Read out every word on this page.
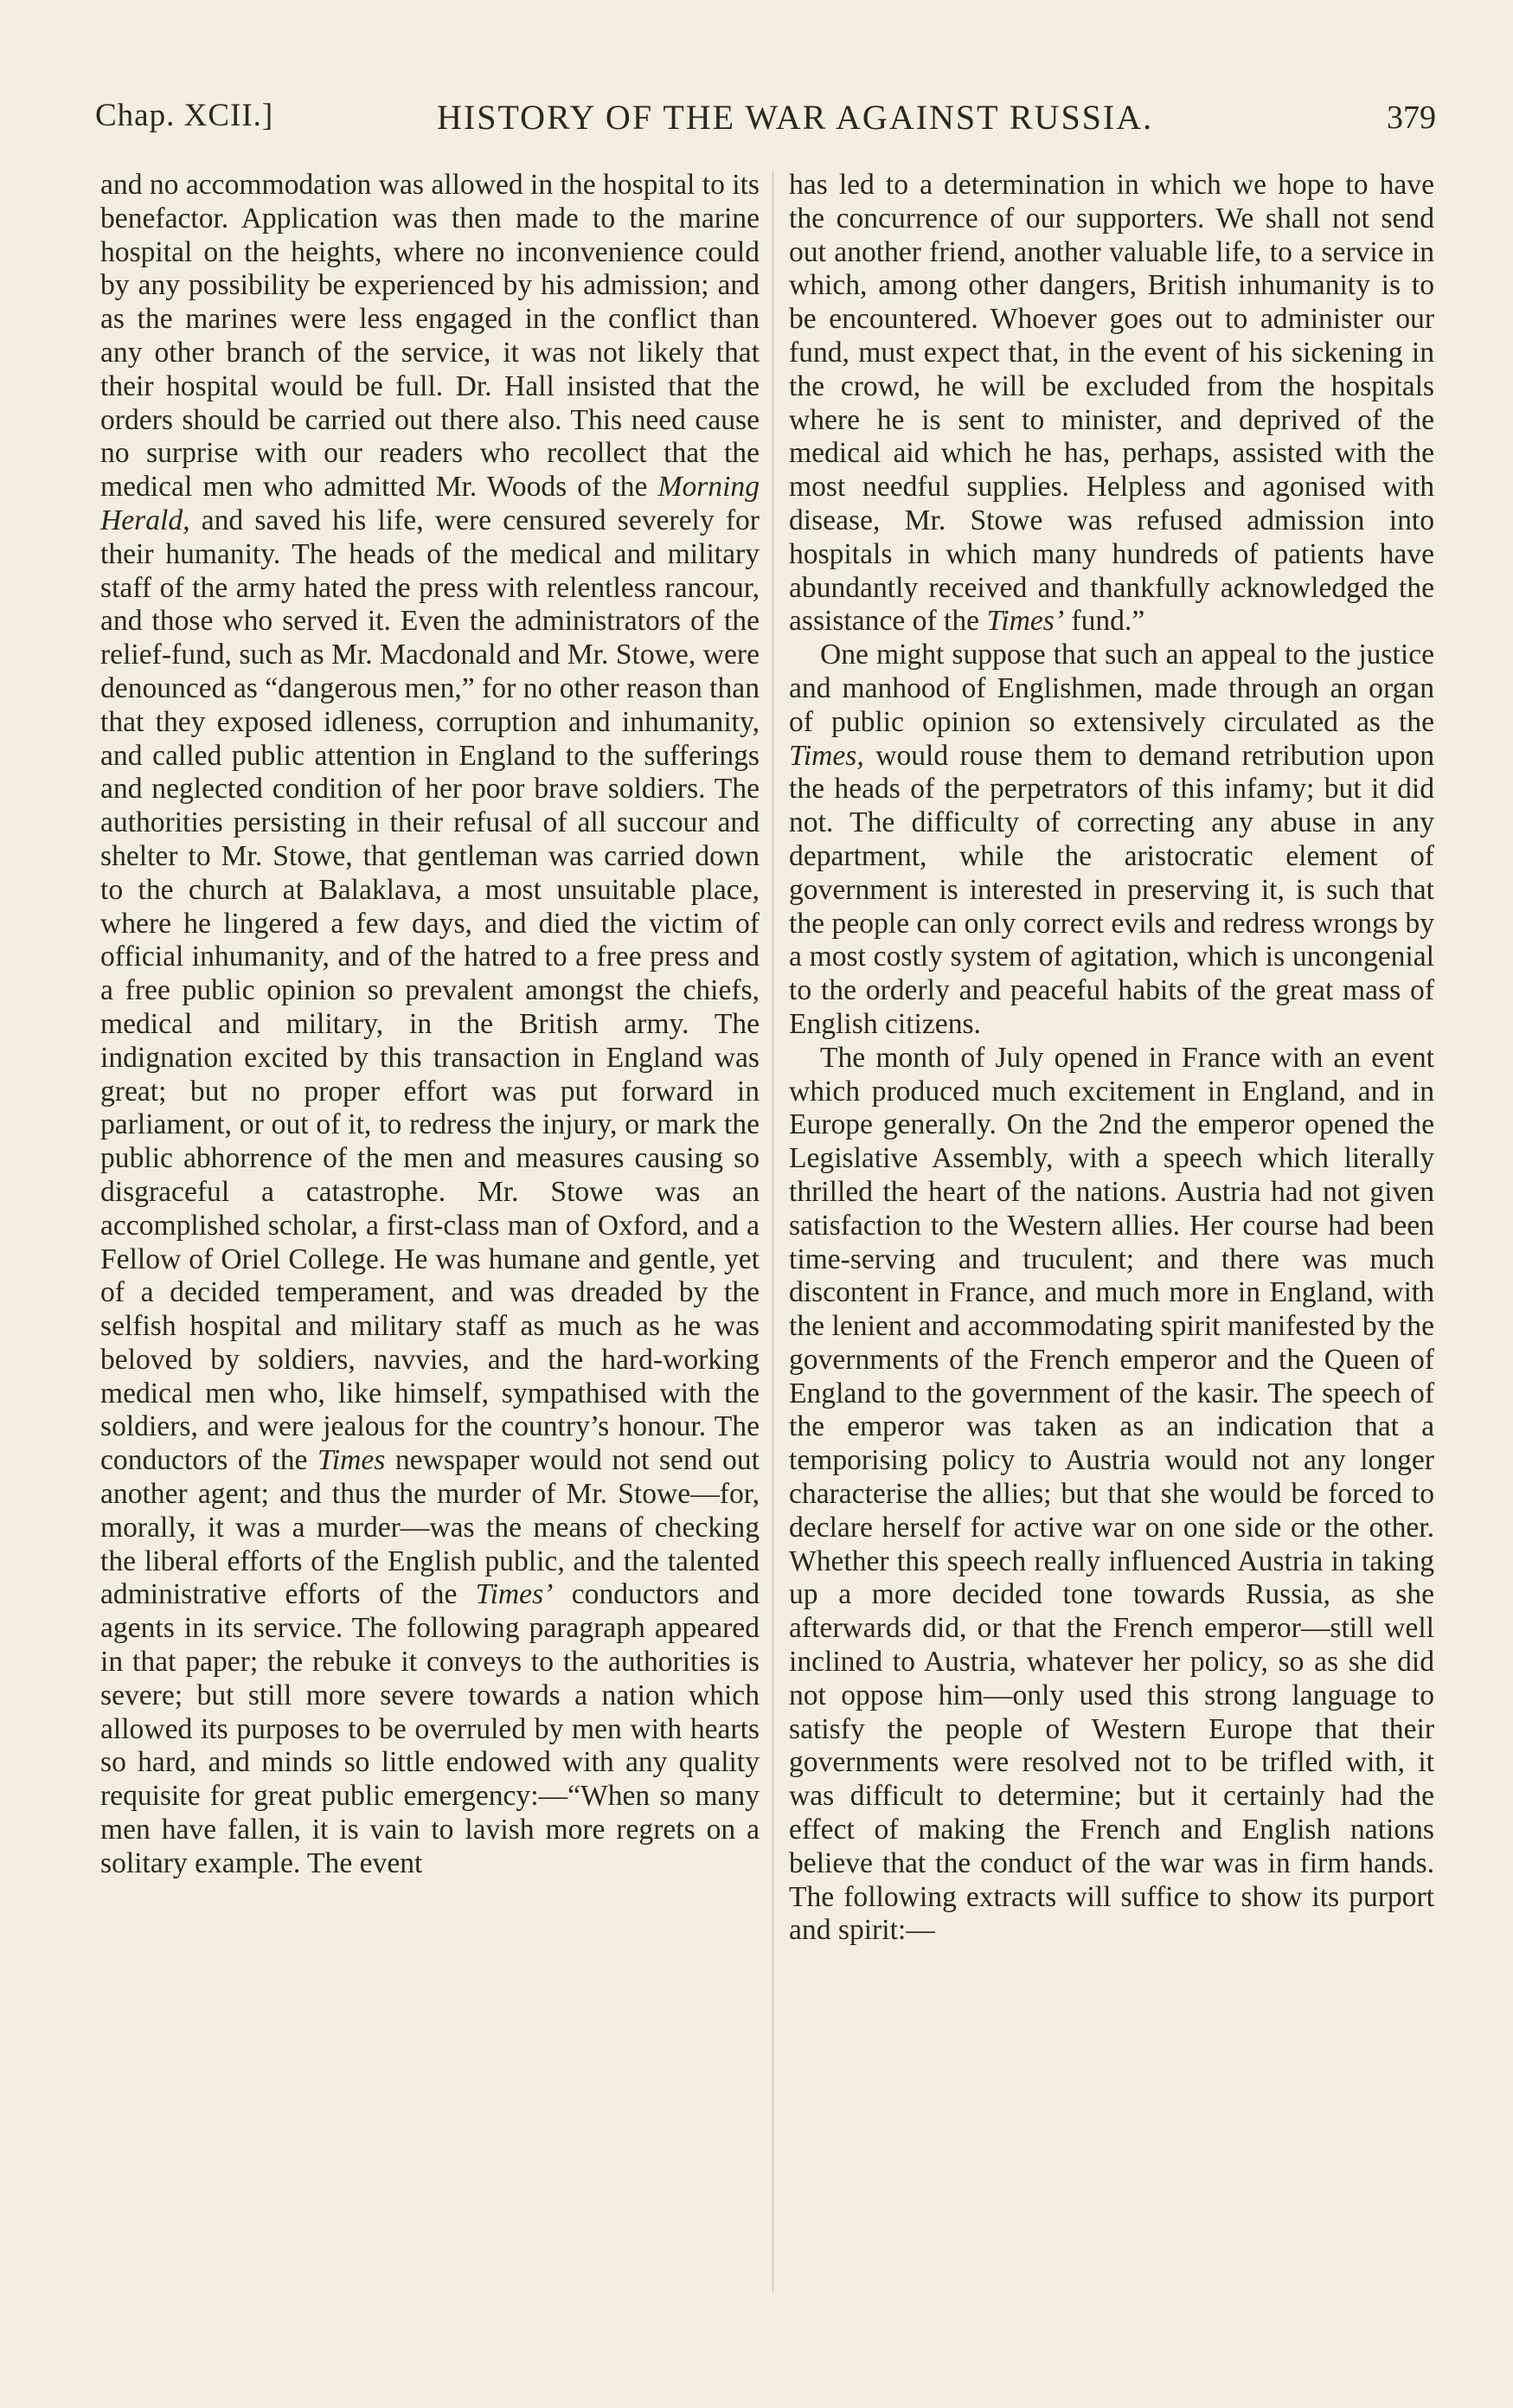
Chap. XCII.]	HISTORY OF THE WAR AGAINST RUSSIA.	379

and no accommodation was allowed in the hospital to its benefactor. Application was then made to the marine hospital on the heights, where no inconvenience could by any possibility be experienced by his admission; and as the marines were less engaged in the conflict than any other branch of the service, it was not likely that their hospital would be full. Dr. Hall insisted that the orders should be carried out there also. This need cause no surprise with our readers who recollect that the medical men who admitted Mr. Woods of the Morning Herald, and saved his life, were censured severely for their humanity. The heads of the medical and military staff of the army hated the press with relentless rancour, and those who served it. Even the administrators of the relief-fund, such as Mr. Macdonald and Mr. Stowe, were denounced as “dangerous men,” for no other reason than that they exposed idleness, corruption and inhumanity, and called public attention in England to the sufferings and neglected condition of her poor brave soldiers. The authorities persisting in their refusal of all succour and shelter to Mr. Stowe, that gentleman was carried down to the church at Balaklava, a most unsuitable place, where he lingered a few days, and died the victim of official inhumanity, and of the hatred to a free press and a free public opinion so prevalent amongst the chiefs, medical and military, in the British army. The indignation excited by this transaction in England was great; but no proper effort was put forward in parliament, or out of it, to redress the injury, or mark the public abhorrence of the men and measures causing so disgraceful a catastrophe. Mr. Stowe was an accomplished scholar, a first-class man of Oxford, and a Fellow of Oriel College. He was humane and gentle, yet of a decided temperament, and was dreaded by the selfish hospital and military staff as much as he was beloved by soldiers, navvies, and the hard-working medical men who, like himself, sympathised with the soldiers, and were jealous for the country’s honour. The conductors of the Times newspaper would not send out another agent; and thus the murder of Mr. Stowe—for, morally, it was a murder—was the means of checking the liberal efforts of the English public, and the talented administrative efforts of the Times’ conductors and agents in its service. The following paragraph appeared in that paper; the rebuke it conveys to the authorities is severe; but still more severe towards a nation which allowed its purposes to be overruled by men with hearts so hard, and minds so little endowed with any quality requisite for great public emergency:—“When so many men have fallen, it is vain to lavish more regrets on a solitary example. The event

has led to a determination in which we hope to have the concurrence of our supporters. We shall not send out another friend, another valuable life, to a service in which, among other dangers, British inhumanity is to be encountered. Whoever goes out to administer our fund, must expect that, in the event of his sickening in the crowd, he will be excluded from the hospitals where he is sent to minister, and deprived of the medical aid which he has, perhaps, assisted with the most needful supplies. Helpless and agonised with disease, Mr. Stowe was refused admission into hospitals in which many hundreds of patients have abundantly received and thankfully acknowledged the assistance of the Times’ fund.”

One might suppose that such an appeal to the justice and manhood of Englishmen, made through an organ of public opinion so extensively circulated as the Times, would rouse them to demand retribution upon the heads of the perpetrators of this infamy; but it did not. The difficulty of correcting any abuse in any department, while the aristocratic element of government is interested in preserving it, is such that the people can only correct evils and redress wrongs by a most costly system of agitation, which is uncongenial to the orderly and peaceful habits of the great mass of English citizens.

The month of July opened in France with an event which produced much excitement in England, and in Europe generally. On the 2nd the emperor opened the Legislative Assembly, with a speech which literally thrilled the heart of the nations. Austria had not given satisfaction to the Western allies. Her course had been time-serving and truculent; and there was much discontent in France, and much more in England, with the lenient and accommodating spirit manifested by the governments of the French emperor and the Queen of England to the government of the kasir. The speech of the emperor was taken as an indication that a temporising policy to Austria would not any longer characterise the allies; but that she would be forced to declare herself for active war on one side or the other. Whether this speech really influenced Austria in taking up a more decided tone towards Russia, as she afterwards did, or that the French emperor—still well inclined to Austria, whatever her policy, so as she did not oppose him—only used this strong language to satisfy the people of Western Europe that their governments were resolved not to be trifled with, it was difficult to determine; but it certainly had the effect of making the French and English nations believe that the conduct of the war was in firm hands. The following extracts will suffice to show its purport and spirit:—
